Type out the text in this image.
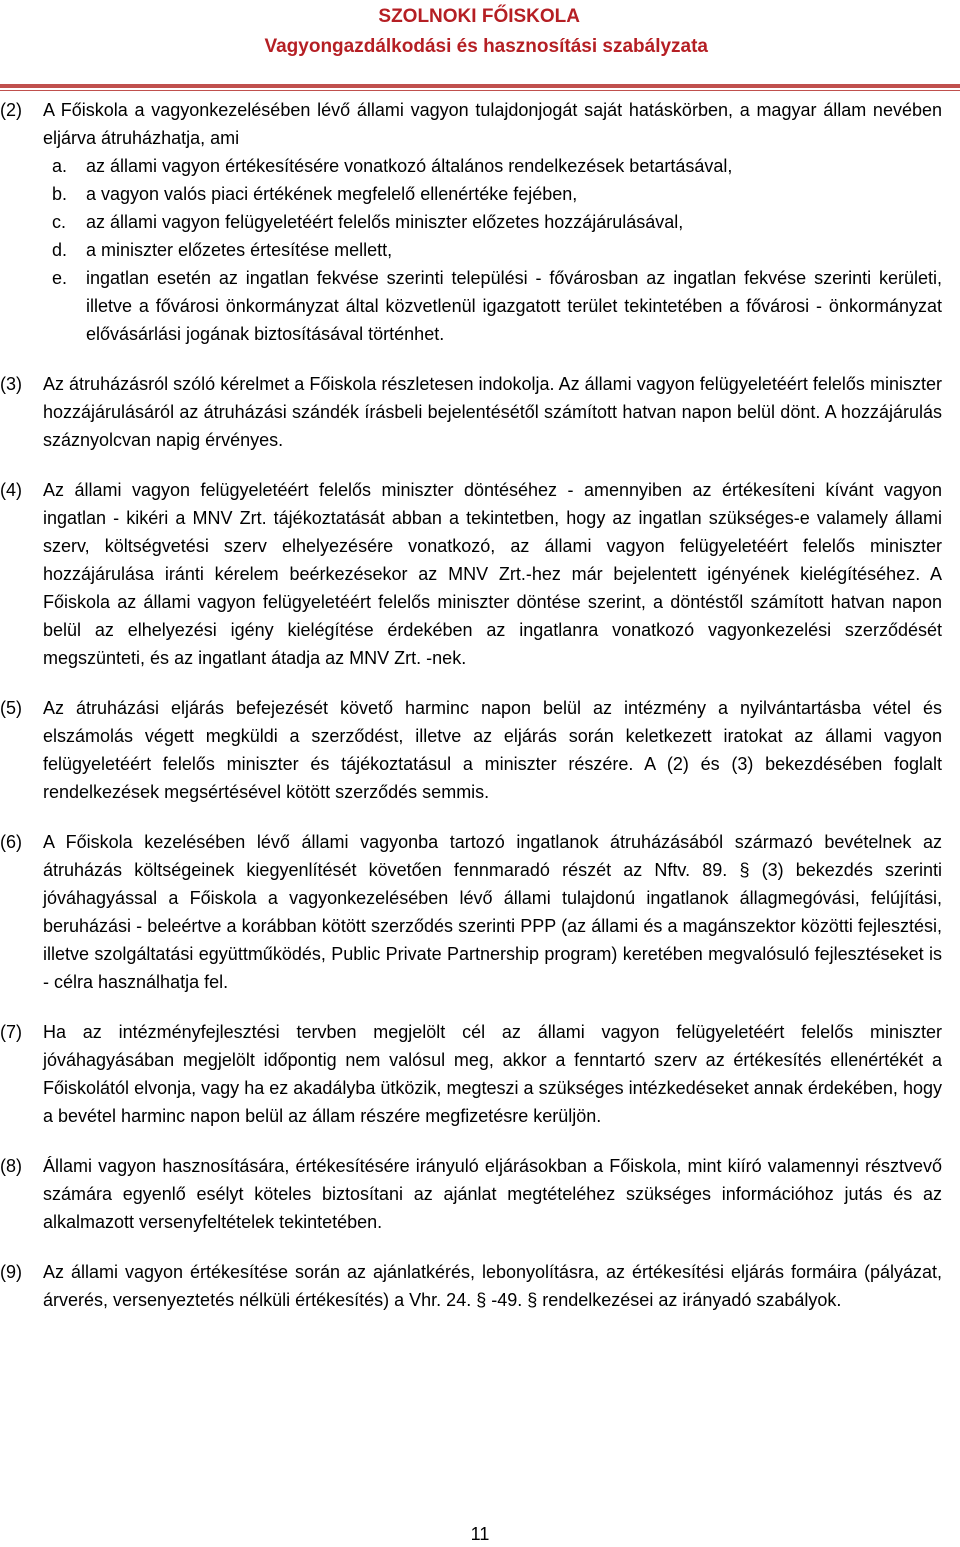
SZOLNOKI FŐISKOLA
Vagyongazdálkodási és hasznosítási szabályzata
(2) A Főiskola a vagyonkezelésében lévő állami vagyon tulajdonjogát saját hatáskörben, a magyar állam nevében eljárva átruházhatja, ami
a. az állami vagyon értékesítésére vonatkozó általános rendelkezések betartásával,
b. a vagyon valós piaci értékének megfelelő ellenértéke fejében,
c. az állami vagyon felügyeletéért felelős miniszter előzetes hozzájárulásával,
d. a miniszter előzetes értesítése mellett,
e. ingatlan esetén az ingatlan fekvése szerinti települési - fővárosban az ingatlan fekvése szerinti kerületi, illetve a fővárosi önkormányzat által közvetlenül igazgatott terület tekintetében a fővárosi - önkormányzat elővásárlási jogának biztosításával történhet.
(3) Az átruházásról szóló kérelmet a Főiskola részletesen indokolja. Az állami vagyon felügyeletéért felelős miniszter hozzájárulásáról az átruházási szándék írásbeli bejelentésétől számított hatvan napon belül dönt. A hozzájárulás száznyolcvan napig érvényes.
(4) Az állami vagyon felügyeletéért felelős miniszter döntéséhez - amennyiben az értékesíteni kívánt vagyon ingatlan - kikéri a MNV Zrt. tájékoztatását abban a tekintetben, hogy az ingatlan szükséges-e valamely állami szerv, költségvetési szerv elhelyezésére vonatkozó, az állami vagyon felügyeletéért felelős miniszter hozzájárulása iránti kérelem beérkezésekor az MNV Zrt.-hez már bejelentett igényének kielégítéséhez. A Főiskola az állami vagyon felügyeletéért felelős miniszter döntése szerint, a döntéstől számított hatvan napon belül az elhelyezési igény kielégítése érdekében az ingatlanra vonatkozó vagyonkezelési szerződését megszünteti, és az ingatlant átadja az MNV Zrt. -nek.
(5) Az átruházási eljárás befejezését követő harminc napon belül az intézmény a nyilvántartásba vétel és elszámolás végett megküldi a szerződést, illetve az eljárás során keletkezett iratokat az állami vagyon felügyeletéért felelős miniszter és tájékoztatásul a miniszter részére. A (2) és (3) bekezdésében foglalt rendelkezések megsértésével kötött szerződés semmis.
(6) A Főiskola kezelésében lévő állami vagyonba tartozó ingatlanok átruházásából származó bevételnek az átruházás költségeinek kiegyenlítését követően fennmaradó részét az Nftv. 89. § (3) bekezdés szerinti jóváhagyással a Főiskola a vagyonkezelésében lévő állami tulajdonú ingatlanok állagmegóvási, felújítási, beruházási - beleértve a korábban kötött szerződés szerinti PPP (az állami és a magánszektor közötti fejlesztési, illetve szolgáltatási együttműködés, Public Private Partnership program) keretében megvalósuló fejlesztéseket is - célra használhatja fel.
(7) Ha az intézményfejlesztési tervben megjelölt cél az állami vagyon felügyeletéért felelős miniszter jóváhagyásában megjelölt időpontig nem valósul meg, akkor a fenntartó szerv az értékesítés ellenértékét a Főiskolától elvonja, vagy ha ez akadályba ütközik, megteszi a szükséges intézkedéseket annak érdekében, hogy a bevétel harminc napon belül az állam részére megfizetésre kerüljön.
(8) Állami vagyon hasznosítására, értékesítésére irányuló eljárásokban a Főiskola, mint kiíró valamennyi résztvevő számára egyenlő esélyt köteles biztosítani az ajánlat megtételéhez szükséges információhoz jutás és az alkalmazott versenyfeltételek tekintetében.
(9) Az állami vagyon értékesítése során az ajánlatkérés, lebonyolításra, az értékesítési eljárás formáira (pályázat, árverés, versenyeztetés nélküli értékesítés) a Vhr. 24. § -49. § rendelkezései az irányadó szabályok.
11
